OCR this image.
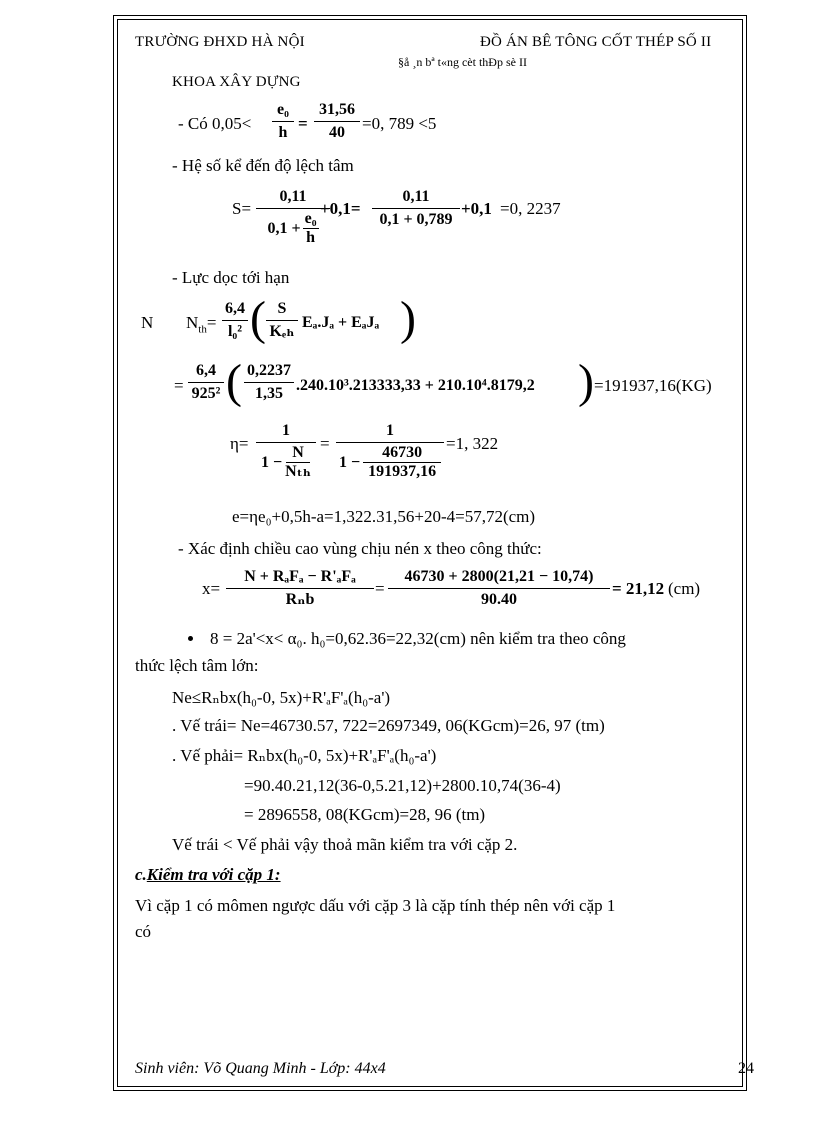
TRƯỜNG ĐHXD HÀ NỘI	ĐỒ ÁN BÊ TÔNG CỐT THÉP SỐ II
§å ¸n bª t«ng cèt thÐp sè II
KHOA XÂY DỰNG
- Có 0,05<
e₀
h =
31,56
40 =0, 789 <5
- Hệ số kể đến độ lệch tâm
S=
0,11
0,1 +
e₀
h
+0,1=
0,11
0,1 + 0,789
+0,1 =0, 2237
- Lực dọc tới hạn
N $N_{th}=$
6,4
l₀² ( S
Kₑₕ
Eₐ.Jₐ + EₐJₐ )
=
6,4
925² ( 0,2237
1,35 .240.10³.213333,33 + 210.10⁴.8179,2 ) =191937,16(KG)
η=
1
1 −
N
Nₜₕ
=
1
1 −
46730
191937,16
=1, 322
e=ηe₀+0,5h-a=1,322.31,56+20-4=57,72(cm)
- Xác định chiều cao vùng chịu nén x theo công thức:
x=
N + RₐFₐ − R'ₐFₐ
Rₙb
=
46730 + 2800(21,21 − 10,74)
90.40
= 21,12 (cm)
8 = 2a'<x< α₀. h₀=0,62.36=22,32(cm) nên kiểm tra theo công
thức lệch tâm lớn:
Ne≤Rₙbx(h₀-0, 5x)+R'ₐF'ₐ(h₀-a')
. Vế trái= Ne=46730.57, 722=2697349, 06(KGcm)=26, 97 (tm)
. Vế phải= Rₙbx(h₀-0, 5x)+R'ₐF'ₐ(h₀-a')
=90.40.21,12(36-0,5.21,12)+2800.10,74(36-4)
= 2896558, 08(KGcm)=28, 96 (tm)
Vế trái < Vế phải vậy thoả mãn kiểm tra với cặp 2.
c.Kiểm tra với cặp 1:
Vì cặp 1 có mômen ngược dấu với cặp 3 là cặp tính thép nên với cặp 1
có
Sinh viên: Võ Quang Minh - Lớp: 44x4	24
